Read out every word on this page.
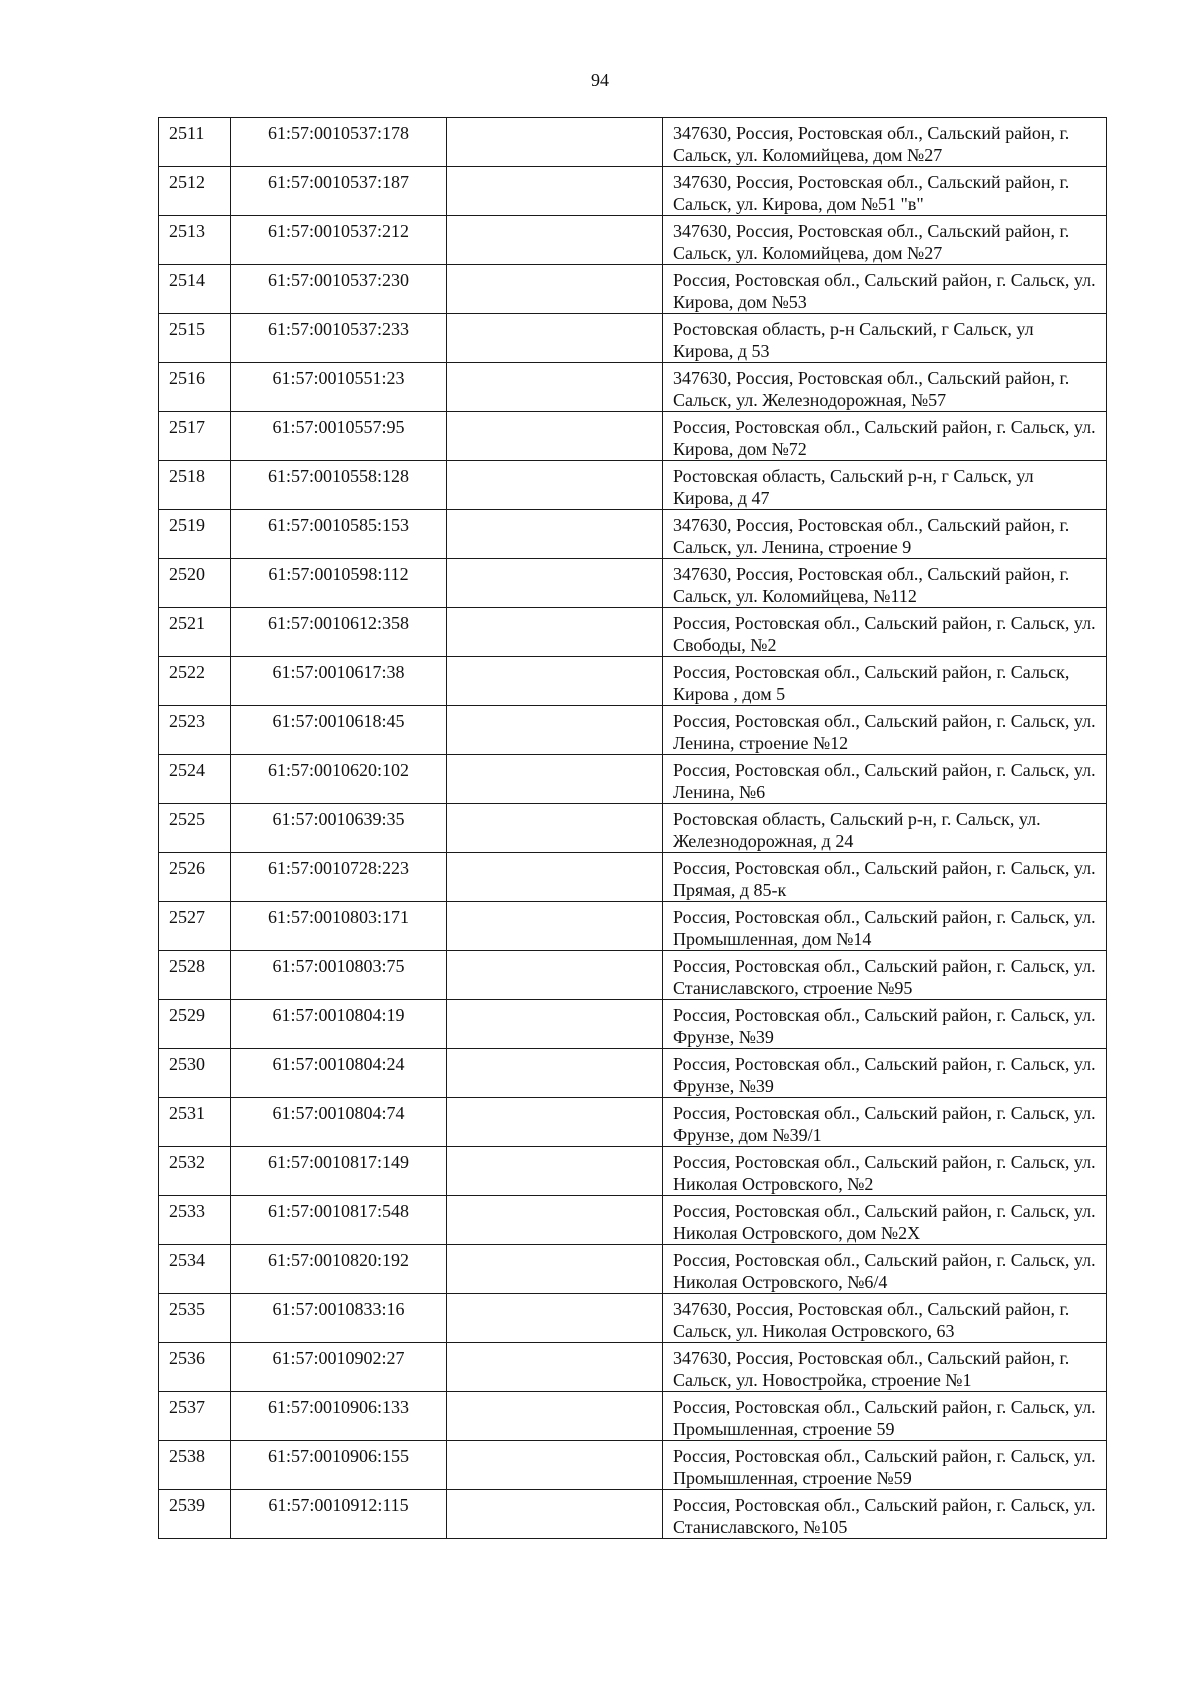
94
2511	61:57:0010537:178		347630, Россия, Ростовская обл., Сальский район, г. Сальск, ул. Коломийцева, дом №27
2512	61:57:0010537:187		347630, Россия, Ростовская обл., Сальский район, г. Сальск, ул. Кирова, дом №51 "в"
2513	61:57:0010537:212		347630, Россия, Ростовская обл., Сальский район, г. Сальск, ул. Коломийцева, дом №27
2514	61:57:0010537:230		Россия, Ростовская обл., Сальский район, г. Сальск, ул. Кирова, дом №53
2515	61:57:0010537:233		Ростовская область, р-н Сальский, г Сальск, ул Кирова, д 53
2516	61:57:0010551:23		347630, Россия, Ростовская обл., Сальский район, г. Сальск, ул. Железнодорожная, №57
2517	61:57:0010557:95		Россия, Ростовская обл., Сальский район, г. Сальск, ул. Кирова, дом №72
2518	61:57:0010558:128		Ростовская область, Сальский р-н, г Сальск, ул Кирова, д 47
2519	61:57:0010585:153		347630, Россия, Ростовская обл., Сальский район, г. Сальск, ул. Ленина, строение 9
2520	61:57:0010598:112		347630, Россия, Ростовская обл., Сальский район, г. Сальск, ул. Коломийцева, №112
2521	61:57:0010612:358		Россия, Ростовская обл., Сальский район, г. Сальск, ул. Свободы, №2
2522	61:57:0010617:38		Россия, Ростовская обл., Сальский район, г. Сальск, Кирова , дом 5
2523	61:57:0010618:45		Россия, Ростовская обл., Сальский район, г. Сальск, ул. Ленина, строение №12
2524	61:57:0010620:102		Россия, Ростовская обл., Сальский район, г. Сальск, ул. Ленина, №6
2525	61:57:0010639:35		Ростовская область, Сальский р-н, г. Сальск, ул. Железнодорожная, д 24
2526	61:57:0010728:223		Россия, Ростовская обл., Сальский район, г. Сальск, ул. Прямая, д 85-к
2527	61:57:0010803:171		Россия, Ростовская обл., Сальский район, г. Сальск, ул. Промышленная, дом №14
2528	61:57:0010803:75		Россия, Ростовская обл., Сальский район, г. Сальск, ул. Станиславского, строение №95
2529	61:57:0010804:19		Россия, Ростовская обл., Сальский район, г. Сальск, ул. Фрунзе, №39
2530	61:57:0010804:24		Россия, Ростовская обл., Сальский район, г. Сальск, ул. Фрунзе, №39
2531	61:57:0010804:74		Россия, Ростовская обл., Сальский район, г. Сальск, ул. Фрунзе, дом №39/1
2532	61:57:0010817:149		Россия, Ростовская обл., Сальский район, г. Сальск, ул. Николая Островского, №2
2533	61:57:0010817:548		Россия, Ростовская обл., Сальский район, г. Сальск, ул. Николая Островского, дом №2Х
2534	61:57:0010820:192		Россия, Ростовская обл., Сальский район, г. Сальск, ул. Николая Островского, №6/4
2535	61:57:0010833:16		347630, Россия, Ростовская обл., Сальский район, г. Сальск, ул. Николая Островского, 63
2536	61:57:0010902:27		347630, Россия, Ростовская обл., Сальский район, г. Сальск, ул. Новостройка, строение №1
2537	61:57:0010906:133		Россия, Ростовская обл., Сальский район, г. Сальск, ул. Промышленная, строение 59
2538	61:57:0010906:155		Россия, Ростовская обл., Сальский район, г. Сальск, ул. Промышленная, строение №59
2539	61:57:0010912:115		Россия, Ростовская обл., Сальский район, г. Сальск, ул. Станиславского, №105
